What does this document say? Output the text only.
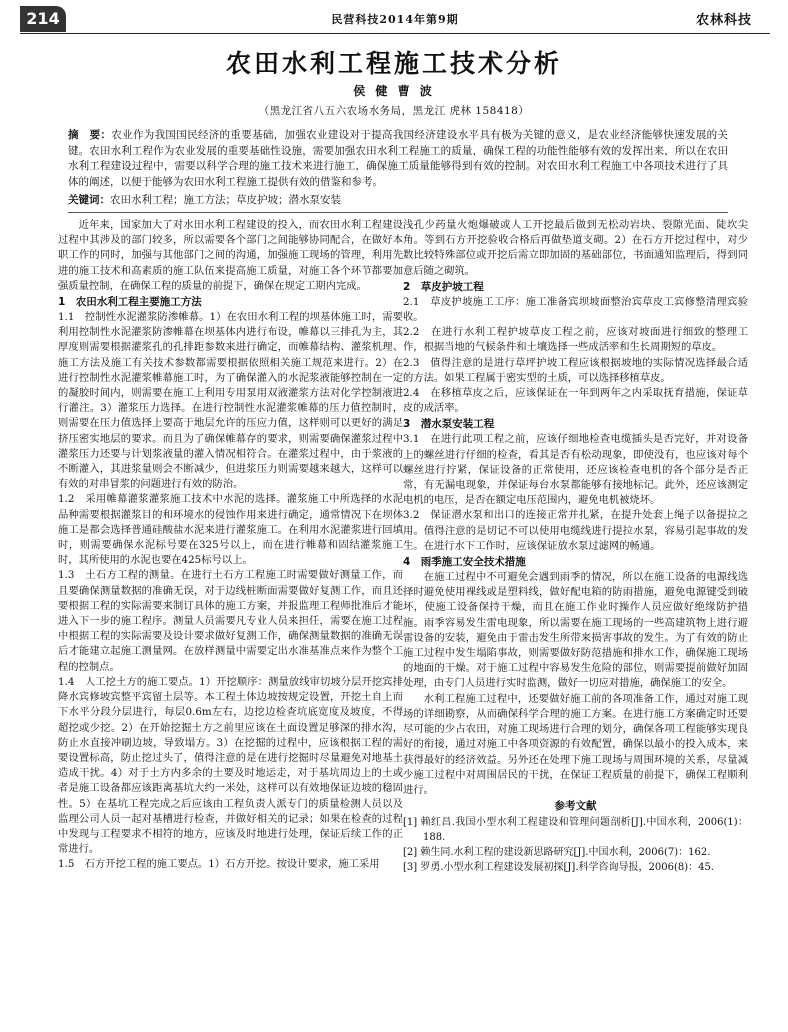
214	民营科技2014年第9期	农林科技
农田水利工程施工技术分析
侯 健 曹 波
（黑龙江省八五六农场水务局，黑龙江 虎林 158418）
摘　要：农业作为我国国民经济的重要基础，加强农业建设对于提高我国经济建设水平具有极为关键的意义，是农业经济能够快速发展的关键。农田水利工程作为农业发展的重要基础性设施，需要加强农田水利工程施工的质量，确保工程的功能性能够有效的发挥出来，所以在农田水利工程建设过程中，需要以科学合理的施工技术来进行施工，确保施工质量能够得到有效的控制。对农田水利工程施工中各项技术进行了具体的阐述，以便于能够为农田水利工程施工提供有效的借鉴和参考。
关键词：农田水利工程；施工方法；草皮护坡；潜水泵安装

近年来，国家加大了对水田水利工程建设的投入，而农田水利工程建设过程中其涉及的部门较多，所以需要各个部门之间能够协同配合，在做好本职工作的同时，加强与其他部门之间的沟通，加强施工现场的管理，利用先进的施工技术和高素质的施工队伍来提高施工质量，对施工各个环节都要加强质量控制，在确保工程的质量的前提下，确保在规定工期内完成。

1　农田水利工程主要施工方法

1.1　控制性水泥灌浆防渗帷幕。1）在农田水利工程的坝基体施工时，需要利用控制性水泥灌浆防渗帷幕在坝基体内进行布设，帷幕以三排孔为主，其厚度则需要根据灌浆孔的孔排距参数来进行确定，而帷幕结构、灌浆机理、施工方法及施工有关技术参数都需要根据依照相关施工规范来进行。2）在进行控制性水泥灌浆帷幕施工时，为了确保灌入的水泥浆液能够控制在一定的凝胶时间内，则需要在施工上利用专用泵用双液灌浆方法对化学控制液进行灌注。3）灌浆压力选择。在进行控制性水泥灌浆帷幕的压力值控制时，则需要在压力值选择上要高于地层允许的压应力值，这样则可以更好的满足挤压密实地层的要求。而且为了确保帷幕存的要求，则需要确保灌浆过程中灌浆压力还要与计划浆液量的灌入情况相符合。在灌浆过程中，由于浆液的不断灌入，其进浆量则会不断减少，但进浆压力则需要越来越大，这样可以有效的对串冒浆的问题进行有效的防治。

1.2　采用帷幕灌浆灌浆施工技术中水泥的选择。灌浆施工中所选择的水泥品种需要根据灌浆目的和环境水的侵蚀作用来进行确定，通常情况下在坝体施工是都会选择普通硅酸盐水泥来进行灌浆施工。在利用水泥灌浆进行回填时，则需要确保水泥标号要在325号以上，而在进行帷幕和固结灌浆施工时，其所使用的水泥也要在425标号以上。

1.3　土石方工程的测量。在进行土石方工程施工时需要做好测量工作，而且要确保测量数据的准确无误，对于边线桩断面需要做好复测工作，而且还要根据工程的实际需要来制订具体的施工方案，并报监理工程师批准后才能进入下一步的施工程序。测量人员需要凡专业人员来担任，需要在施工过程中根据工程的实际需要及设计要求做好复测工作，确保测量数据的准确无误后才能建立起施工测量网。在放样测量中需要定出水准基准点来作为整个工程的控制点。

1.4　人工挖土方的施工要点。1）开挖顺序：测量放线审切坡分层开挖宾排降水宾修坡宾整平宾留土层等。本工程土体边坡按规定设置，开挖土自上而下水平分段分层进行，每层0.6m左右，边挖边检查坑底宽度及坡度，不得超挖或少挖。2）在开始挖掘土方之前里应该在土面设置足够深的排水沟，防止水直接冲刷边坡，导致塌方。3）在挖掘的过程中，应该根据工程的需要设置标高，防止挖过头了，值得注意的是在进行挖掘时尽量避免对地基土造成干扰。4）对于土方内多余的土要及时地运走，对于基坑周边上的土或者是施工设备都应该距离基坑大约一米处，这样可以有效地保证边坡的稳固性。5）在基坑工程完成之后应该由工程负责人派专门的质量检测人员以及监理公司人员一起对基槽进行检查，并做好相关的记录；如果在检查的过程中发现与工程要求不相符的地方，应该及时地进行处理，保证后续工作的正常进行。

1.5　石方开挖工程的施工要点。1）石方开挖。按设计要求，施工采用

浅孔少药量火炮爆破或人工开挖最后做到无松动岩块、裂隙光面、陡坎尖角。等到石方开挖验收合格后再做垫道支砌。2）在石方开挖过程中，对少数比较特殊部位或开挖后需立即加固的基础部位，书面通知监理后，得到同意后随之砌筑。

2　草皮护坡工程

2.1　草皮护坡施工工序：施工准备宾坝坡面整治宾草皮工宾修整清理宾验收。

2.2　在进行水利工程护坡草皮工程之前，应该对坡面进行细致的整理工作，根据当地的气候条件和土壤选择一些成活率和生长周期短的草皮。

2.3　值得注意的是进行草坪护坡工程应该根据坡地的实际情况选择最合适的方法。如果工程属于密实型的土质，可以选择移植草皮。

2.4　在移植草皮之后，应该保证在一年到两年之内采取抚育措施，保证草皮的成活率。

3　潜水泵安装工程

3.1　在进行此项工程之前，应该仔细地检查电缆插头是否完好，并对设备上的螺丝进行仔细的检查，看其是否有松动现象，即使没有，也应该对每个螺丝进行拧紧，保证设备的正常使用，还应该检查电机的各个部分是否正常，有无漏电现象，并保证每台水泵都能够有接地标记。此外，还应该测定电机的电压，是否在额定电压范围内，避免电机被烧坏。

3.2　保证潜水泵和出口的连接正常并扎紧，在提升处套上绳子以备提拉之用。值得注意的是切记不可以使用电缆线进行提拉水泵，容易引起事故的发生。在进行水下工作时，应该保证放水泵过滤网的畅通。

4　雨季施工安全技术措施

在施工过程中不可避免会遇到雨季的情况，所以在施工设备的电源线选择时避免使用裸线或是塑料线，做好配电箱的防雨措施，避免电源键受到破坏，使施工设备保持干燥，而且在施工作业时操作人员应做好绝缘防护措施。雨季容易发生雷电现象，所以需要在施工现场的一些高建筑物上进行避雷设备的安装，避免由于雷击发生所带来损害事故的发生。为了有效的防止施工过程中发生塌陷事故，则需要做好防范措施和排水工作，确保施工现场的地面的干燥。对于施工过程中容易发生危险的部位，则需要提前做好加固处理，由专门人员进行实时监测，做好一切应对措施，确保施工的安全。

水利工程施工过程中，还要做好施工前的各项准备工作，通过对施工现场的详细勘察，从而确保科学合理的施工方案。在进行施工方案确定时还要尽可能的少占农田，对施工现场进行合理的划分，确保各项工程能够实现良好的衔接，通过对施工中各项资源的有效配置，确保以最小的投入成本，来获得最好的经济效益。另外还在处理下施工现场与周围环境的关系，尽量减少施工过程中对周围居民的干扰，在保证工程质量的前提下，确保工程顺利进行。

参考文献
[1] 赖红昌.我国小型水利工程建设和管理问题剖析[J].中国水利，2006(1)：188.
[2] 赖生同.水利工程的建设新思路研究[J].中国水利，2006(7)：162.
[3] 罗勇.小型水利工程建设发展初探[J].科学咨询导报，2006(8)：45.
